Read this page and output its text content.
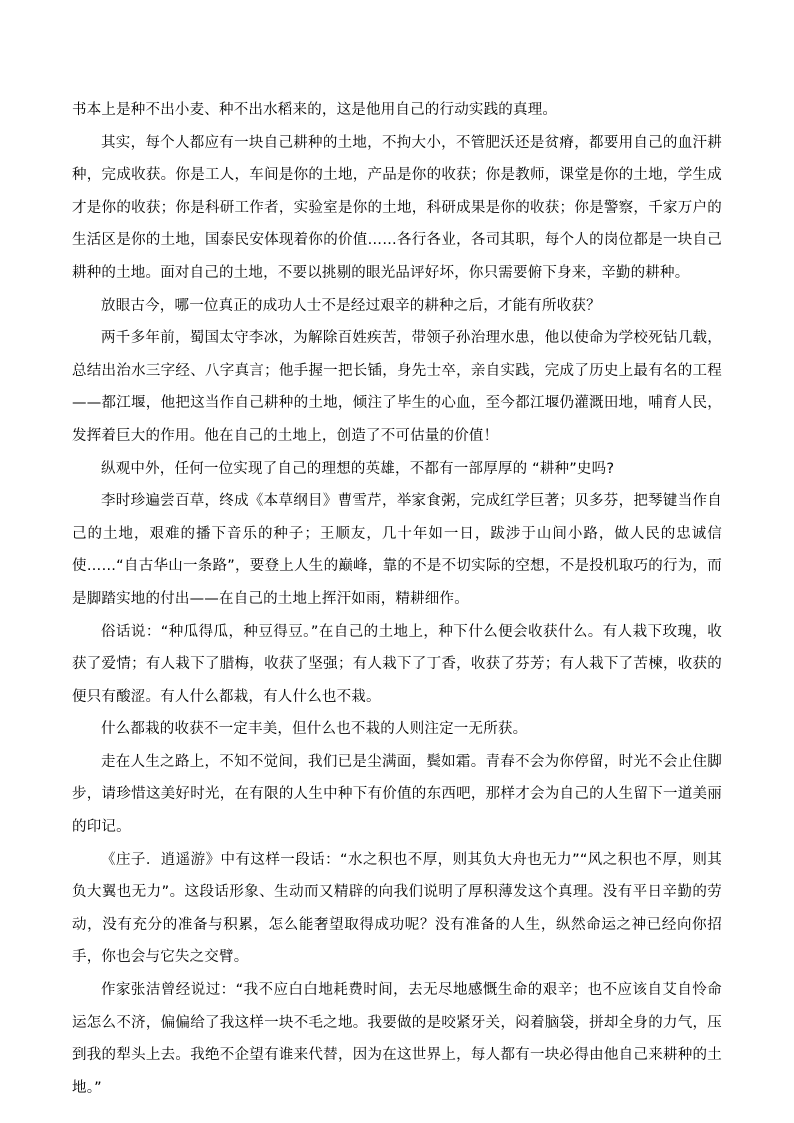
书本上是种不出小麦、种不出水稻来的，这是他用自己的行动实践的真理。

其实，每个人都应有一块自己耕种的土地，不拘大小，不管肥沃还是贫瘠，都要用自己的血汗耕种，完成收获。你是工人，车间是你的土地，产品是你的收获；你是教师，课堂是你的土地，学生成才是你的收获；你是科研工作者，实验室是你的土地，科研成果是你的收获；你是警察，千家万户的生活区是你的土地，国泰民安体现着你的价值……各行各业，各司其职，每个人的岗位都是一块自己耕种的土地。面对自己的土地，不要以挑剔的眼光品评好坏，你只需要俯下身来，辛勤的耕种。

放眼古今，哪一位真正的成功人士不是经过艰辛的耕种之后，才能有所收获？

两千多年前，蜀国太守李冰，为解除百姓疾苦，带领子孙治理水患，他以使命为学校死钻几载，总结出治水三字经、八字真言；他手握一把长锸，身先士卒，亲自实践，完成了历史上最有名的工程——都江堰，他把这当作自己耕种的土地，倾注了毕生的心血，至今都江堰仍灌溉田地，哺育人民，发挥着巨大的作用。他在自己的土地上，创造了不可估量的价值！

纵观中外，任何一位实现了自己的理想的英雄，不都有一部厚厚的 “耕种”史吗?

李时珍遍尝百草，终成《本草纲目》曹雪芹，举家食粥，完成红学巨著；贝多芬，把琴键当作自己的土地，艰难的播下音乐的种子；王顺友，几十年如一日，跋涉于山间小路，做人民的忠诚信使……“自古华山一条路”，要登上人生的巅峰，靠的不是不切实际的空想，不是投机取巧的行为，而是脚踏实地的付出——在自己的土地上挥汗如雨，精耕细作。

俗话说：“种瓜得瓜，种豆得豆。”在自己的土地上，种下什么便会收获什么。有人栽下玫瑰，收获了爱情；有人栽下了腊梅，收获了坚强；有人栽下了丁香，收获了芬芳；有人栽下了苦楝，收获的便只有酸涩。有人什么都栽，有人什么也不栽。

什么都栽的收获不一定丰美，但什么也不栽的人则注定一无所获。

走在人生之路上，不知不觉间，我们已是尘满面，鬓如霜。青春不会为你停留，时光不会止住脚步，请珍惜这美好时光，在有限的人生中种下有价值的东西吧，那样才会为自己的人生留下一道美丽的印记。

《庄子．逍遥游》中有这样一段话：“水之积也不厚，则其负大舟也无力”“风之积也不厚，则其负大翼也无力”。这段话形象、生动而又精辟的向我们说明了厚积薄发这个真理。没有平日辛勤的劳动，没有充分的准备与积累，怎么能奢望取得成功呢？没有准备的人生，纵然命运之神已经向你招手，你也会与它失之交臂。

作家张洁曾经说过：“我不应白白地耗费时间，去无尽地感慨生命的艰辛；也不应该自艾自怜命运怎么不济，偏偏给了我这样一块不毛之地。我要做的是咬紧牙关，闷着脑袋，拼却全身的力气，压到我的犁头上去。我绝不企望有谁来代替，因为在这世界上，每人都有一块必得由他自己来耕种的土地。”
